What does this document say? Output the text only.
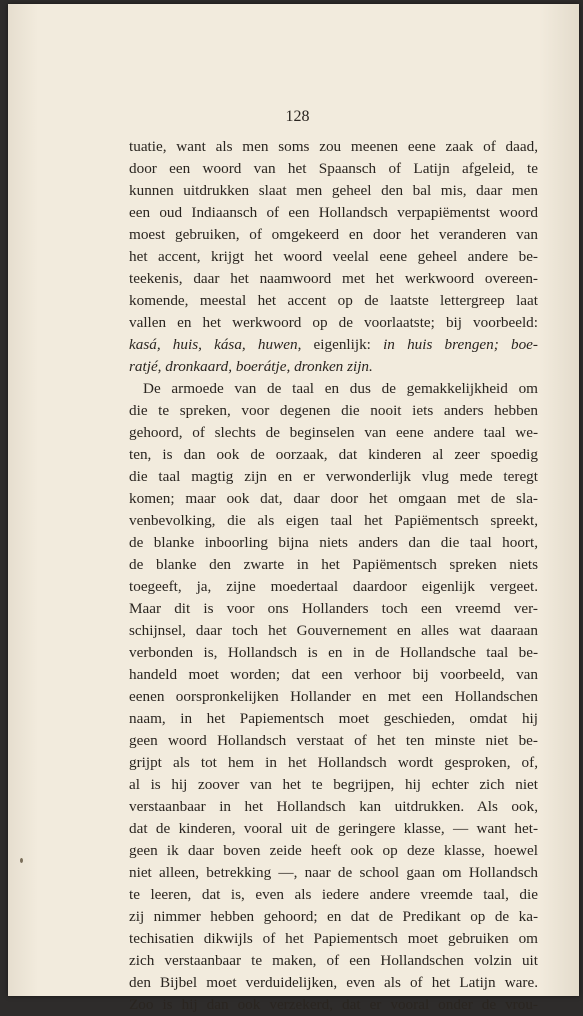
128
tuatie, want als men soms zou meenen eene zaak of daad,
door een woord van het Spaansch of Latijn afgeleid, te
kunnen uitdrukken slaat men geheel den bal mis, daar men
een oud Indiaansch of een Hollandsch verpapiëmentst woord
moest gebruiken, of omgekeerd en door het veranderen van
het accent, krijgt het woord veelal eene geheel andere be-
teekenis, daar het naamwoord met het werkwoord overeen-
komende, meestal het accent op de laatste lettergreep laat
vallen en het werkwoord op de voorlaatste; bij voorbeeld:
kasá, huis, kása, huwen, eigenlijk: in huis brengen; boe-
ratjé, dronkaard, boerátje, dronken zijn.
De armoede van de taal en dus de gemakkelijkheid om
die te spreken, voor degenen die nooit iets anders hebben
gehoord, of slechts de beginselen van eene andere taal we-
ten, is dan ook de oorzaak, dat kinderen al zeer spoedig
die taal magtig zijn en er verwonderlijk vlug mede teregt
komen; maar ook dat, daar door het omgaan met de sla-
venbevolking, die als eigen taal het Papiëmentsch spreekt,
de blanke inboorling bijna niets anders dan die taal hoort,
de blanke den zwarte in het Papiëmentsch spreken niets
toegeeft, ja, zijne moedertaal daardoor eigenlijk vergeet.
Maar dit is voor ons Hollanders toch een vreemd ver-
schijnsel, daar toch het Gouvernement en alles wat daaraan
verbonden is, Hollandsch is en in de Hollandsche taal be-
handeld moet worden; dat een verhoor bij voorbeeld, van
eenen oorspronkelijken Hollander en met een Hollandschen
naam, in het Papiementsch moet geschieden, omdat hij
geen woord Hollandsch verstaat of het ten minste niet be-
grijpt als tot hem in het Hollandsch wordt gesproken, of,
al is hij zoover van het te begrijpen, hij echter zich niet
verstaanbaar in het Hollandsch kan uitdrukken. Als ook,
dat de kinderen, vooral uit de geringere klasse, — want het-
geen ik daar boven zeide heeft ook op deze klasse, hoewel
niet alleen, betrekking —, naar de school gaan om Hollandsch
te leeren, dat is, even als iedere andere vreemde taal, die
zij nimmer hebben gehoord; en dat de Predikant op de ka-
techisatien dikwijls of het Papiementsch moet gebruiken om
zich verstaanbaar te maken, of een Hollandschen volzin uit
den Bijbel moet verduidelijken, even als of het Latijn ware.
Zoo is hij dan ook verzekerd, dat er vooral onder de vrou-
